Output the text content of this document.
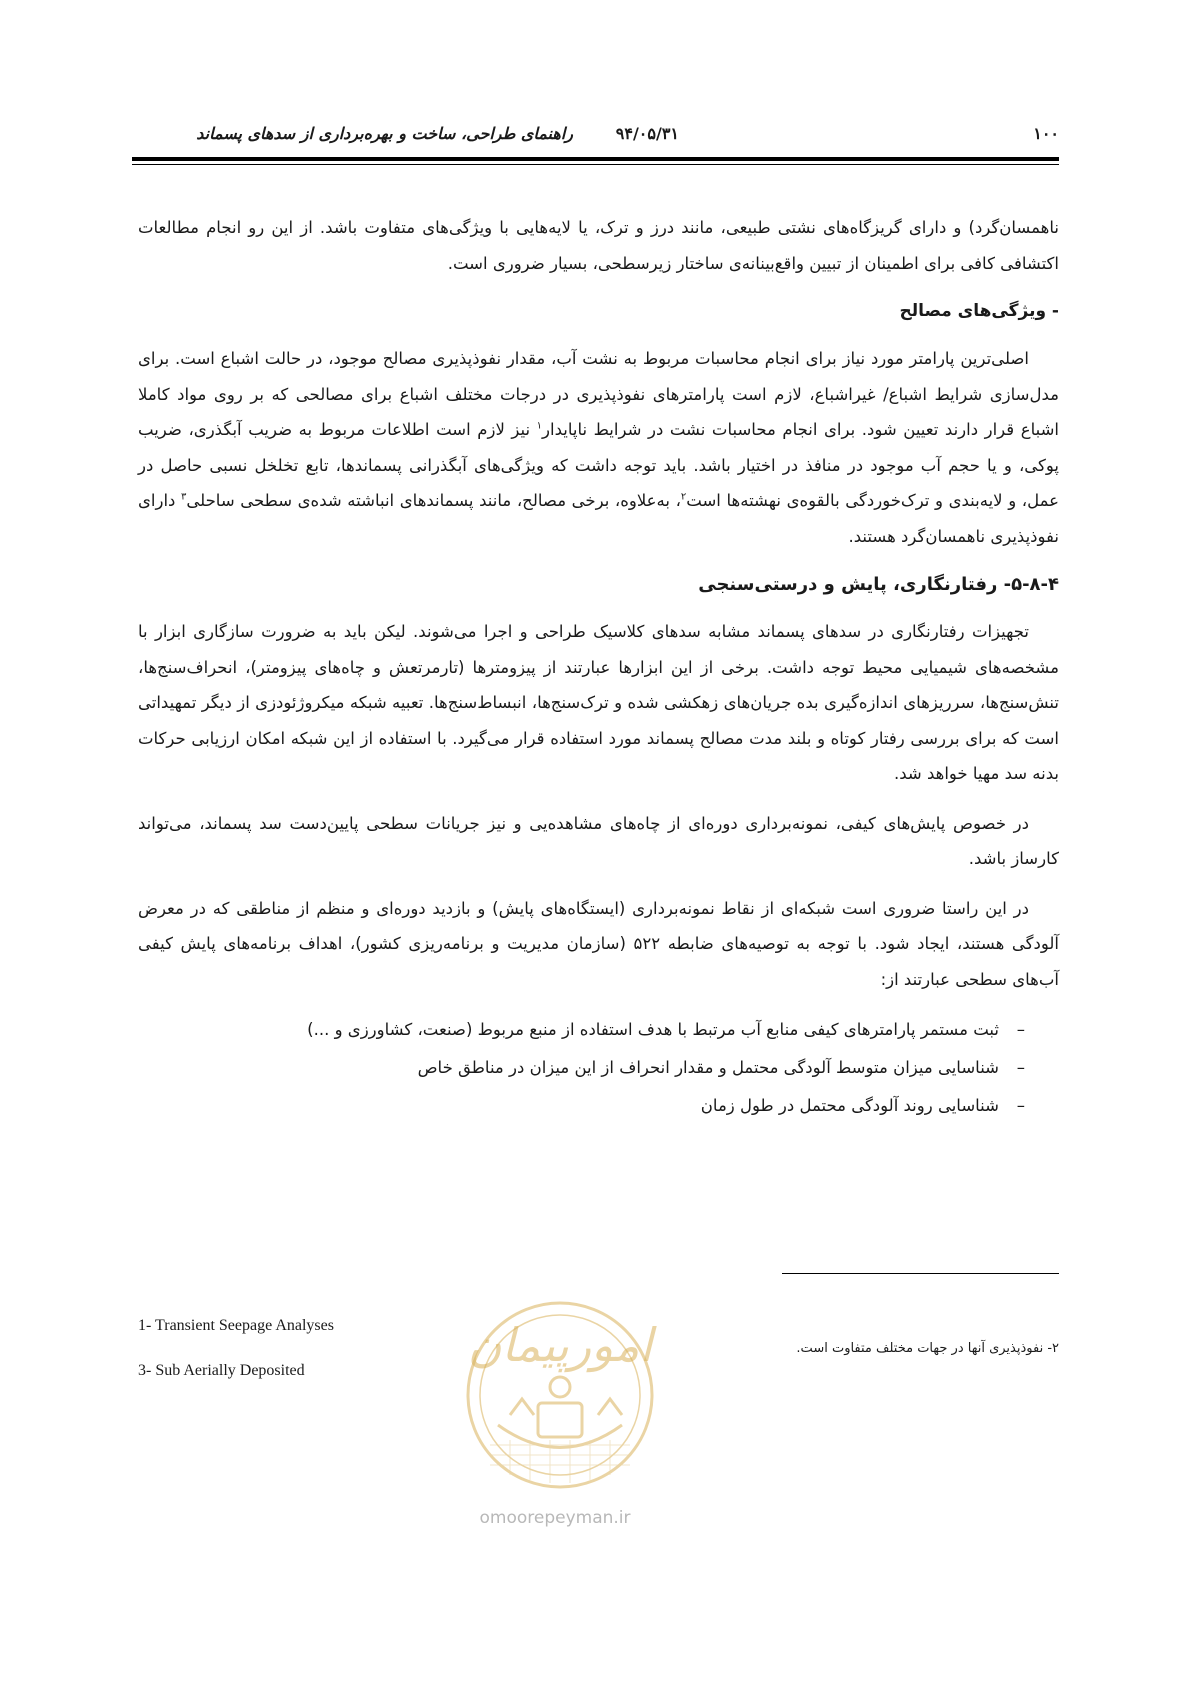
۱۰۰
۹۴/۰۵/۳۱
راهنمای طراحی، ساخت و بهره‌برداری از سدهای پسماند

ناهمسان‌گرد) و دارای گریزگاه‌های نشتی طبیعی، مانند درز و ترک، یا لایه‌هایی با ویژگی‌های متفاوت باشد. از این رو انجام مطالعات اکتشافی کافی برای اطمینان از تبیین واقع‌بینانه‌ی ساختار زیرسطحی، بسیار ضروری است.

- ویژگی‌های مصالح

اصلی‌ترین پارامتر مورد نیاز برای انجام محاسبات مربوط به نشت آب، مقدار نفوذپذیری مصالح موجود، در حالت اشباع است. برای مدل‌سازی شرایط اشباع/ غیراشباع، لازم است پارامترهای نفوذپذیری در درجات مختلف اشباع برای مصالحی که بر روی مواد کاملا اشباع قرار دارند تعیین شود. برای انجام محاسبات نشت در شرایط ناپایدار$^۱$ نیز لازم است اطلاعات مربوط به ضریب آبگذری، ضریب پوکی، و یا حجم آب موجود در منافذ در اختیار باشد. باید توجه داشت که ویژگی‌های آبگذرانی پسماندها، تابع تخلخل نسبی حاصل در عمل، و لایه‌بندی و ترک‌خوردگی بالقوه‌ی نهشته‌ها است$^۲$، به‌علاوه، برخی مصالح، مانند پسماندهای انباشته شده‌ی سطحی ساحلی$^۳$ دارای نفوذپذیری ناهمسان‌گرد هستند.

۵-۸-۴- رفتارنگاری، پایش و درستی‌سنجی

تجهیزات رفتارنگاری در سدهای پسماند مشابه سدهای کلاسیک طراحی و اجرا می‌شوند. لیکن باید به ضرورت سازگاری ابزار با مشخصه‌های شیمیایی محیط توجه داشت. برخی از این ابزارها عبارتند از پیزومترها (تارمرتعش و چاه‌های پیزومتر)، انحراف‌سنج‌ها، تنش‌سنج‌ها، سرریزهای اندازه‌گیری بده جریان‌های زهکشی شده و ترک‌سنج‌ها، انبساط‌سنج‌ها. تعبیه شبکه میکروژئودزی از دیگر تمهیداتی است که برای بررسی رفتار کوتاه و بلند مدت مصالح پسماند مورد استفاده قرار می‌گیرد. با استفاده از این شبکه امکان ارزیابی حرکات بدنه سد مهیا خواهد شد.

در خصوص پایش‌های کیفی، نمونه‌برداری دوره‌ای از چاه‌های مشاهده‌یی و نیز جریانات سطحی پایین‌دست سد پسماند، می‌تواند کارساز باشد.

در این راستا ضروری است شبکه‌ای از نقاط نمونه‌برداری (ایستگاه‌های پایش) و بازدید دوره‌ای و منظم از مناطقی که در معرض آلودگی هستند، ایجاد شود. با توجه به توصیه‌های ضابطه ۵۲۲ (سازمان مدیریت و برنامه‌ریزی کشور)، اهداف برنامه‌های پایش کیفی آب‌های سطحی عبارتند از:

–
ثبت مستمر پارامترهای کیفی منابع آب مرتبط با هدف استفاده از منبع مربوط (صنعت، کشاورزی و ...)
–
شناسایی میزان متوسط آلودگی محتمل و مقدار انحراف از این میزان در مناطق خاص
–
شناسایی روند آلودگی محتمل در طول زمان
1- Transient Seepage Analyses
3- Sub Aerially Deposited
۲- نفوذپذیری آنها در جهات مختلف متفاوت است.
امورپیمان
omoorepeyman.ir
